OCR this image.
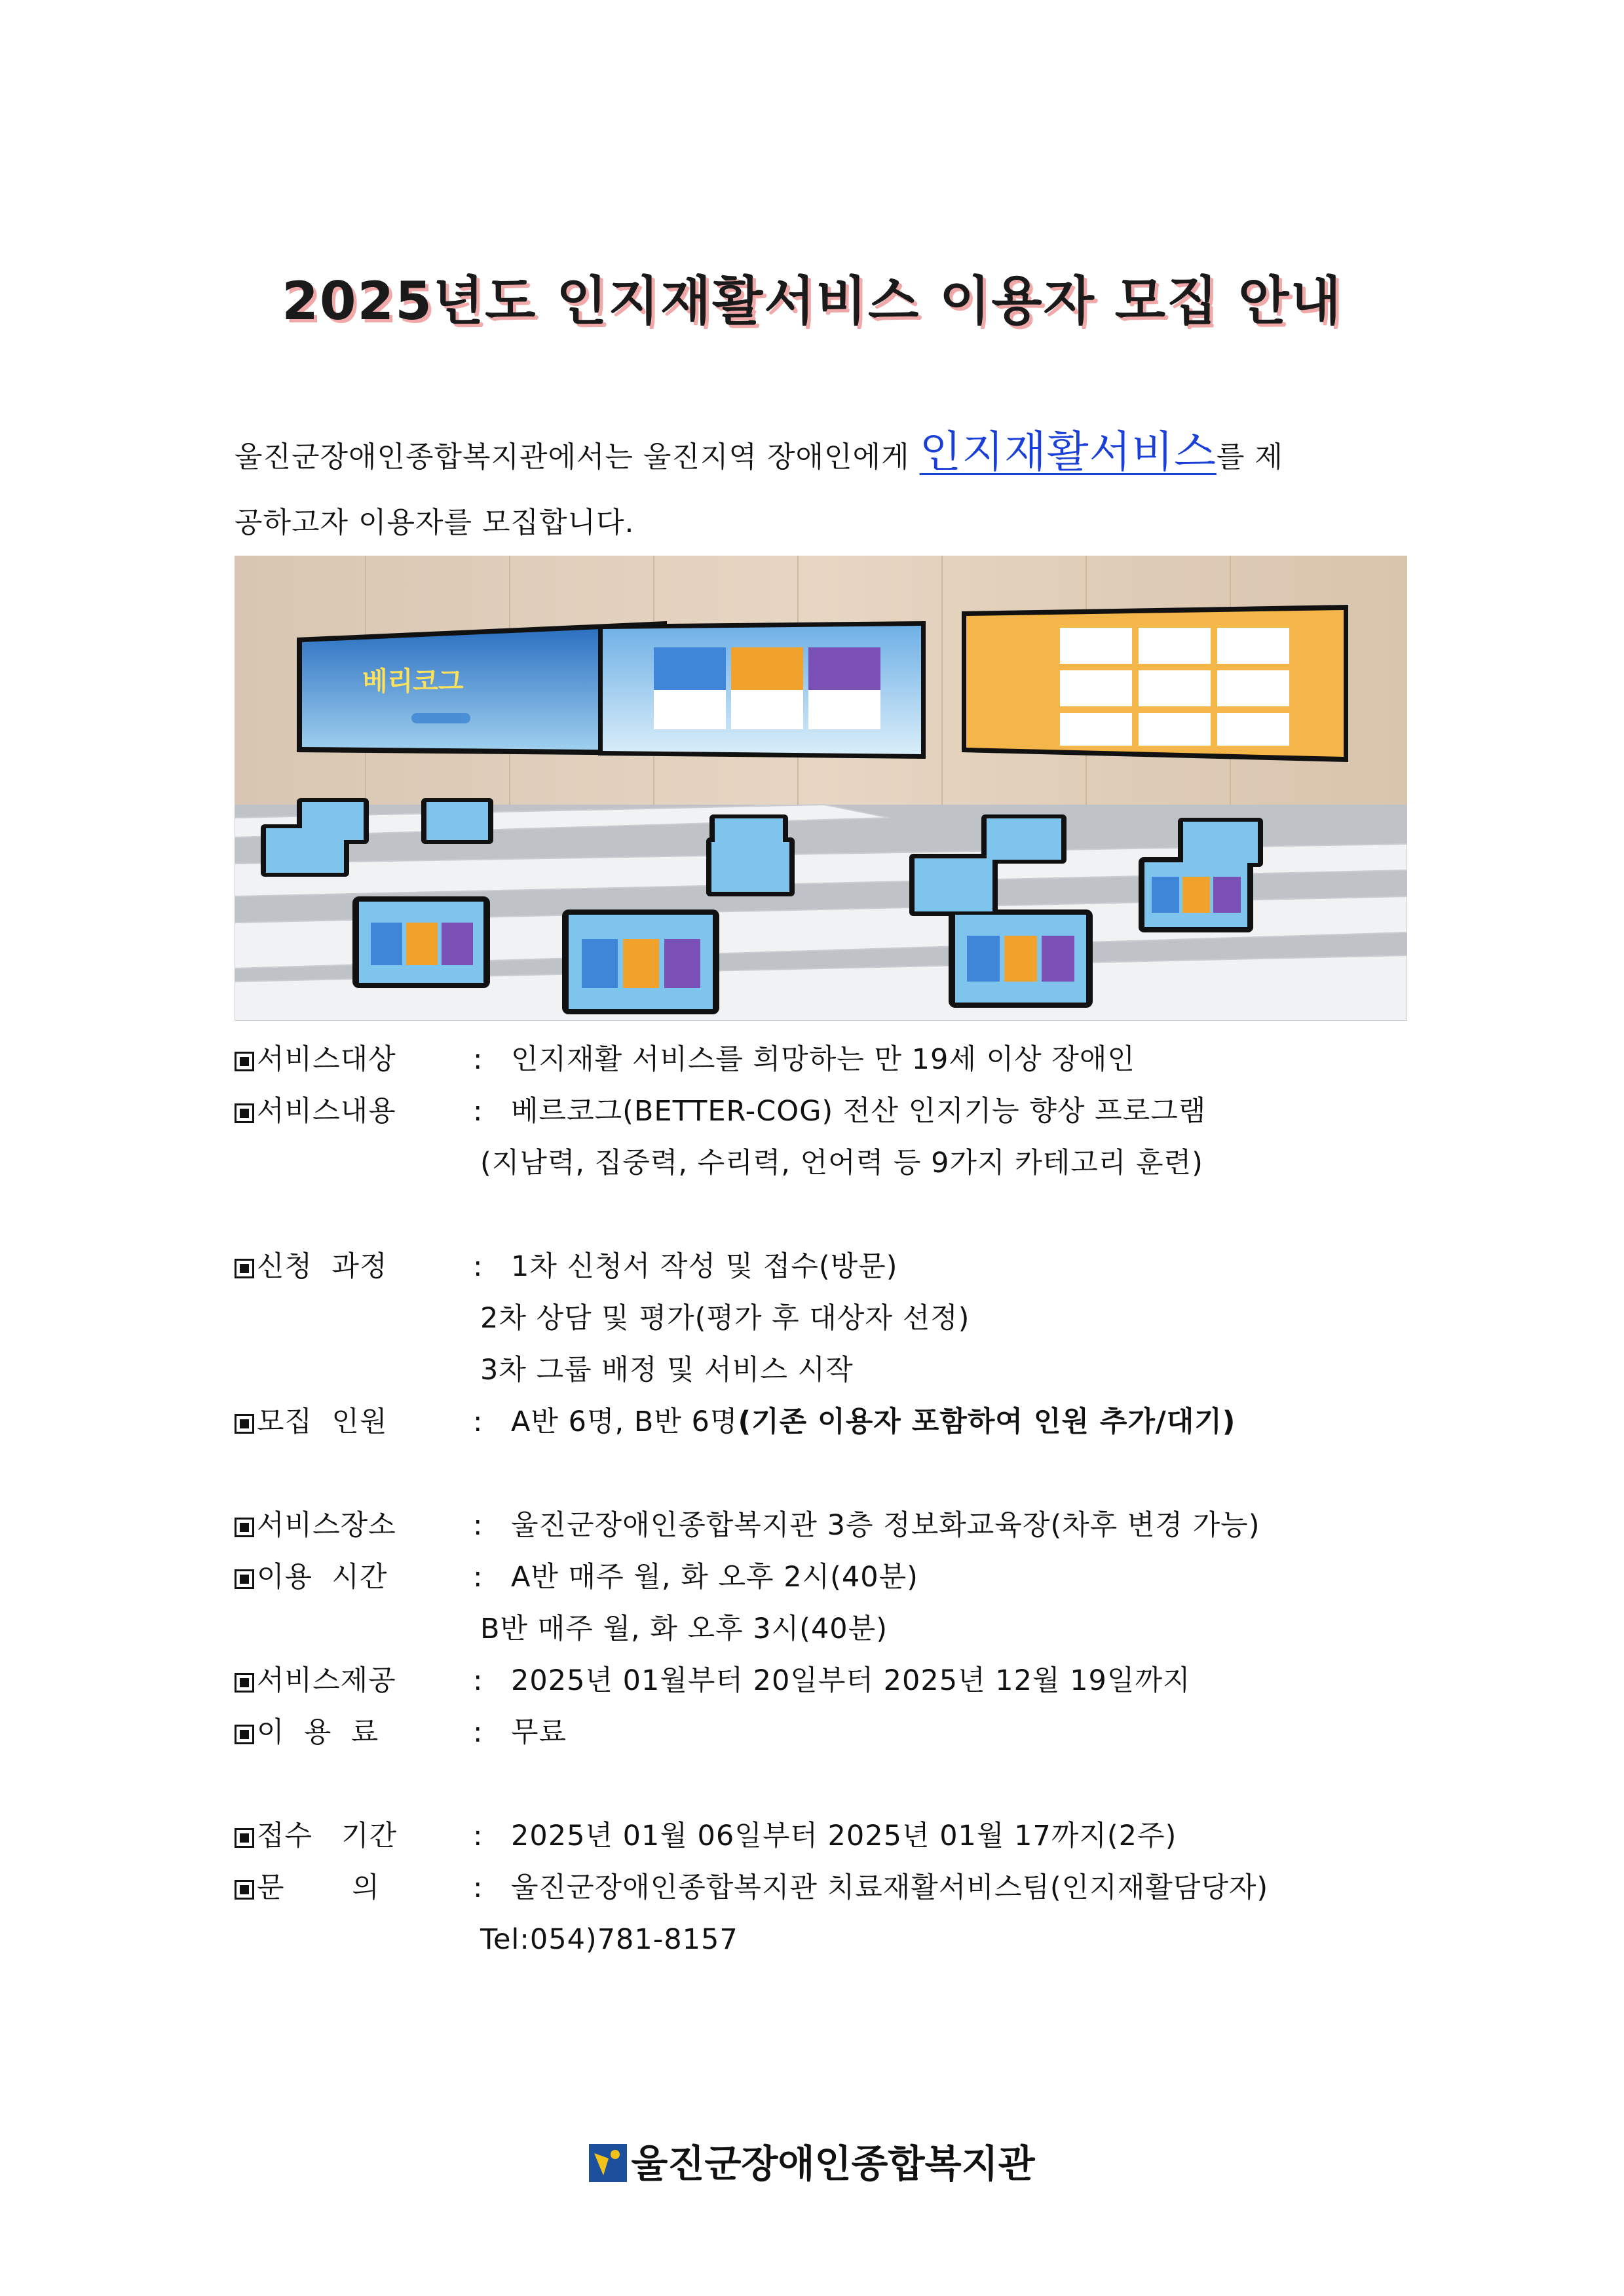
2025년도 인지재활서비스 이용자 모집 안내
울진군장애인종합복지관에서는 울진지역 장애인에게 인지재활서비스를 제
공하고자 이용자를 모집합니다.
베리코그
서비스대상	: 인지재활 서비스를 희망하는 만 19세 이상 장애인
서비스내용	: 베르코그(BETTER-COG) 전산 인지기능 향상 프로그램
(지남력, 집중력, 수리력, 언어력 등 9가지 카테고리 훈련)
신청  과정	: 1차 신청서 작성 및 접수(방문)
2차 상담 및 평가(평가 후 대상자 선정)
3차 그룹 배정 및 서비스 시작
모집  인원	: A반 6명, B반 6명(기존 이용자 포함하여 인원 추가/대기)
서비스장소	: 울진군장애인종합복지관 3층 정보화교육장(차후 변경 가능)
이용  시간	: A반 매주 월, 화 오후 2시(40분)
B반 매주 월, 화 오후 3시(40분)
서비스제공	: 2025년 01월부터 20일부터 2025년 12월 19일까지
이  용  료	: 무료
접수   기간	: 2025년 01월 06일부터 2025년 01월 17까지(2주)
문       의	: 울진군장애인종합복지관 치료재활서비스팀(인지재활담당자)
Tel:054)781-8157
울진군장애인종합복지관
